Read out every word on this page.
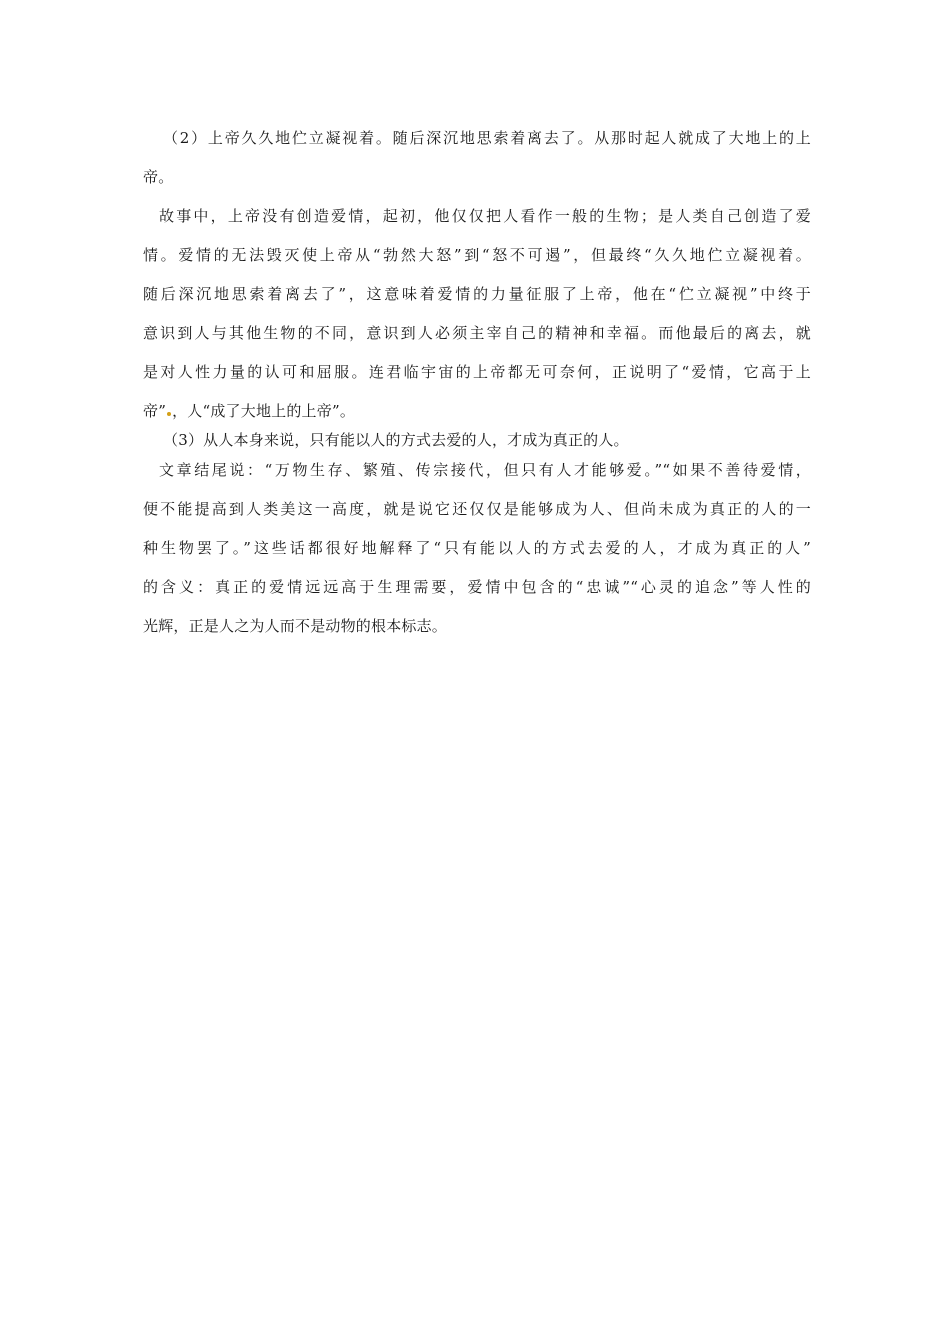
（2）上帝久久地伫立凝视着。随后深沉地思索着离去了。从那时起人就成了大地上的上
帝。
故事中，上帝没有创造爱情，起初，他仅仅把人看作一般的生物；是人类自己创造了爱
情。爱情的无法毁灭使上帝从“勃然大怒”到“怒不可遏”，但最终“久久地伫立凝视着。
随后深沉地思索着离去了”，这意味着爱情的力量征服了上帝，他在“伫立凝视”中终于
意识到人与其他生物的不同，意识到人必须主宰自己的精神和幸福。而他最后的离去，就
是对人性力量的认可和屈服。连君临宇宙的上帝都无可奈何，正说明了“爱情，它高于上
帝” ，人“成了大地上的上帝”。
（3）从人本身来说，只有能以人的方式去爱的人，才成为真正的人。
文章结尾说：“万物生存、繁殖、传宗接代，但只有人才能够爱。”“如果不善待爱情，
便不能提高到人类美这一高度，就是说它还仅仅是能够成为人、但尚未成为真正的人的一
种生物罢了。”这些话都很好地解释了“只有能以人的方式去爱的人，才成为真正的人”
的含义：真正的爱情远远高于生理需要，爱情中包含的“忠诚”“心灵的追念”等人性的
光辉，正是人之为人而不是动物的根本标志。
